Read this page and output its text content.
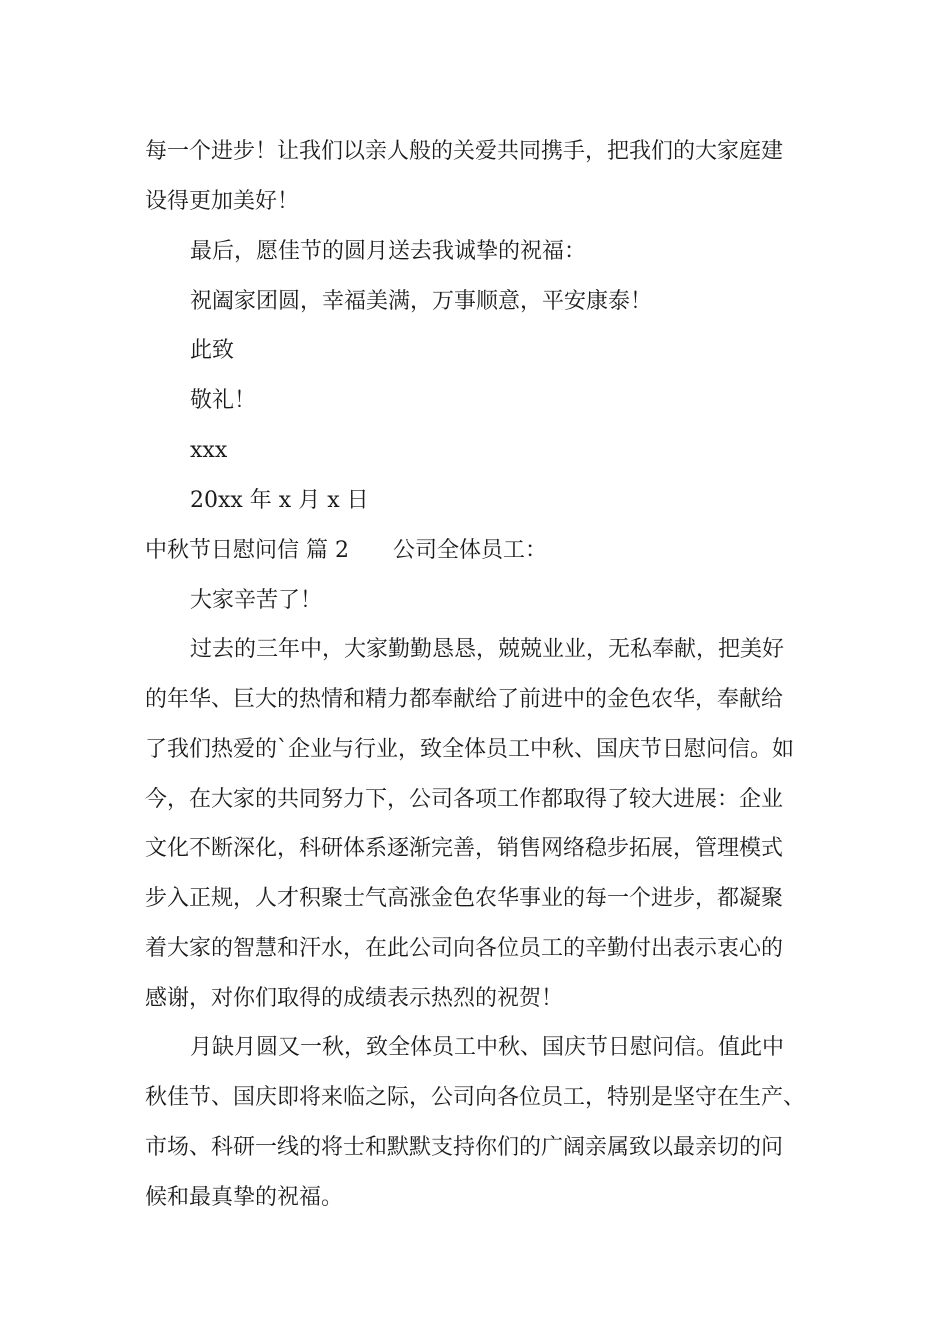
每一个进步！让我们以亲人般的关爱共同携手，把我们的大家庭建
设得更加美好！
最后，愿佳节的圆月送去我诚挚的祝福：
祝阖家团圆，幸福美满，万事顺意，平安康泰！
此致
敬礼！
xxx
20xx 年 x 月 x 日
中秋节日慰问信 篇 2 公司全体员工：
大家辛苦了！
过去的三年中，大家勤勤恳恳，兢兢业业，无私奉献，把美好
的年华、巨大的热情和精力都奉献给了前进中的金色农华，奉献给
了我们热爱的`企业与行业，致全体员工中秋、国庆节日慰问信。如
今，在大家的共同努力下，公司各项工作都取得了较大进展：企业
文化不断深化，科研体系逐渐完善，销售网络稳步拓展，管理模式
步入正规，人才积聚士气高涨金色农华事业的每一个进步，都凝聚
着大家的智慧和汗水，在此公司向各位员工的辛勤付出表示衷心的
感谢，对你们取得的成绩表示热烈的祝贺！
月缺月圆又一秋，致全体员工中秋、国庆节日慰问信。值此中
秋佳节、国庆即将来临之际，公司向各位员工，特别是坚守在生产、
市场、科研一线的将士和默默支持你们的广阔亲属致以最亲切的问
候和最真挚的祝福。
